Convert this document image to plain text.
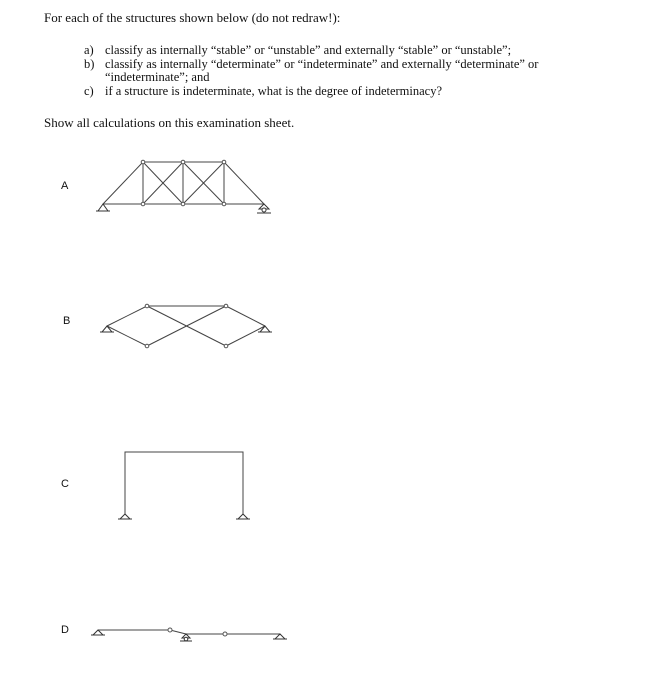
For each of the structures shown below (do not redraw!):
a) classify as internally “stable” or “unstable” and externally “stable” or “unstable”;
b) classify as internally “determinate” or “indeterminate” and externally “determinate” or “indeterminate”; and
c) if a structure is indeterminate, what is the degree of indeterminacy?
Show all calculations on this examination sheet.
A
B
C
D
